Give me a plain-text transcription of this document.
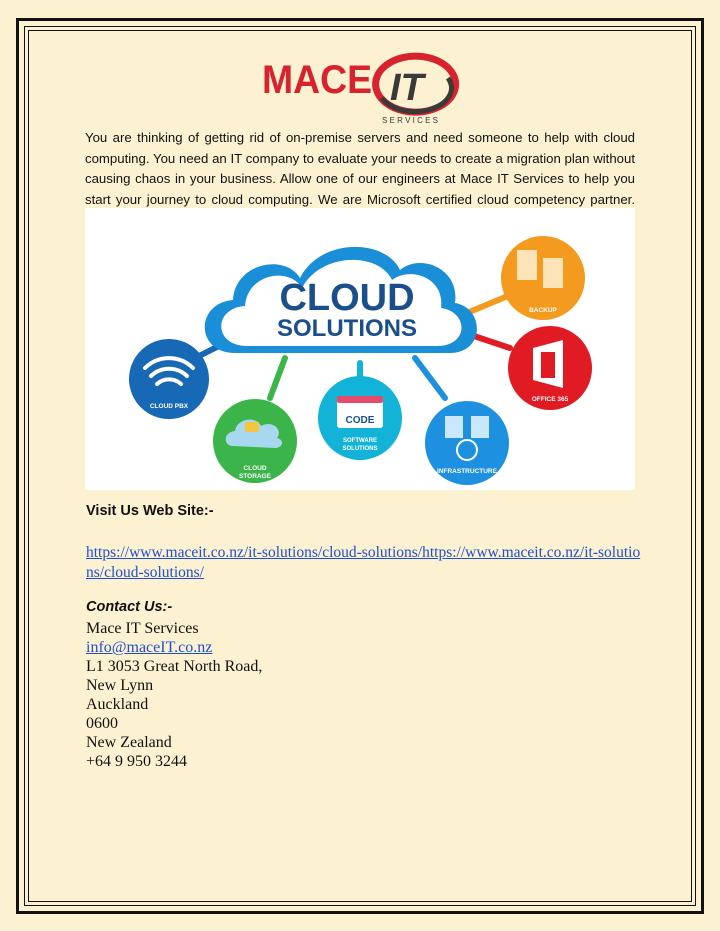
MACE IT
S E R V I C E S

You are thinking of getting rid of on-premise servers and need someone to help with cloud computing. You need an IT company to evaluate your needs to create a migration plan without causing chaos in your business. Allow one of our engineers at Mace IT Services to help you start your journey to cloud computing. We are Microsoft certified cloud competency partner.

CLOUD
SOLUTIONS
BACKUP
OFFICE 365
CLOUD PBX
CLOUD
STORAGE
CODE
SOFTWARE
SOLUTIONS
INFRASTRUCTURE

Visit Us Web Site:-

https://www.maceit.co.nz/it-solutions/cloud-solutions/https://www.maceit.co.nz/it-solutions/cloud-solutions/

Contact Us:-

Mace IT Services
info@maceIT.co.nz
L1 3053 Great North Road,
New Lynn
Auckland
0600
New Zealand
+64 9 950 3244
